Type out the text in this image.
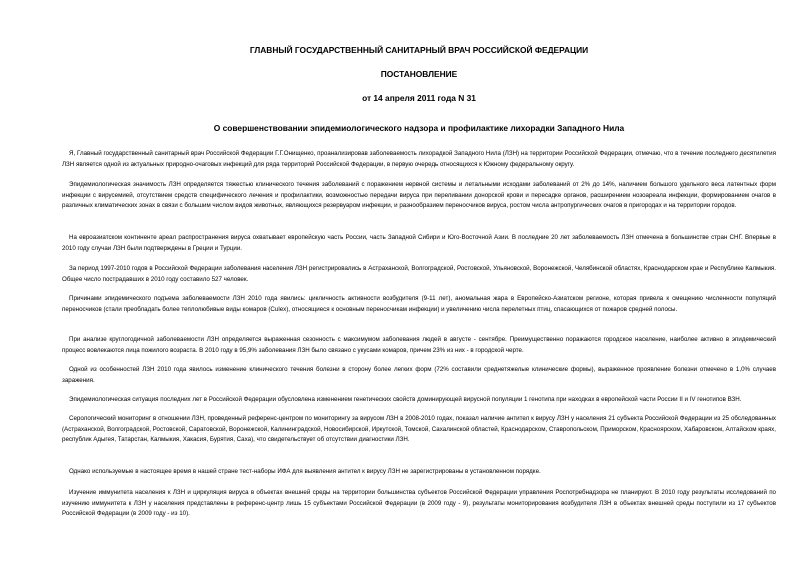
ГЛАВНЫЙ ГОСУДАРСТВЕННЫЙ САНИТАРНЫЙ ВРАЧ РОССИЙСКОЙ ФЕДЕРАЦИИ
ПОСТАНОВЛЕНИЕ
от 14 апреля 2011 года N 31
О совершенствовании эпидемиологического надзора и профилактике лихорадки Западного Нила

Я, Главный государственный санитарный врач Российской Федерации Г.Г.Онищенко, проанализировав заболеваемость лихорадкой Западного Нила (ЛЗН) на территории Российской Федерации, отмечаю, что в течение последнего десятилетия ЛЗН является одной из актуальных природно-очаговых инфекций для ряда территорий Российской Федерации, в первую очередь относящихся к Южному федеральному округу.

Эпидемиологическая значимость ЛЗН определяется тяжестью клинического течения заболеваний с поражением нервной системы и летальными исходами заболеваний от 2% до 14%, наличием большого удельного веса латентных форм инфекции с вирусемией, отсутствием средств специфического лечения и профилактики, возможностью передачи вируса при переливании донорской крови и пересадке органов, расширением нозоареала инфекции, формированием очагов в различных климатических зонах в связи с большим числом видов животных, являющихся резервуаром инфекции, и разнообразием переносчиков вируса, ростом числа антропургических очагов в пригородах и на территории городов.

На евроазиатском континенте ареал распространения вируса охватывает европейскую часть России, часть Западной Сибири и Юго-Восточной Азии. В последние 20 лет заболеваемость ЛЗН отмечена в большинстве стран СНГ. Впервые в 2010 году случаи ЛЗН были подтверждены в Греции и Турции.

За период 1997-2010 годов в Российской Федерации заболевания населения ЛЗН регистрировались в Астраханской, Волгоградской, Ростовской, Ульяновской, Воронежской, Челябинской областях, Краснодарском крае и Республике Калмыкия. Общее число пострадавших в 2010 году составило 527 человек.

Причинами эпидемического подъема заболеваемости ЛЗН 2010 года явились: цикличность активности возбудителя (9-11 лет), аномальная жара в Европейско-Азиатском регионе, которая привела к смещению численности популяций переносчиков (стали преобладать более теплолюбивые виды комаров (Culex), относящиеся к основным переносчикам инфекции) и увеличению числа перелетных птиц, спасающихся от пожаров средней полосы.

При анализе круглогодичной заболеваемости ЛЗН определяется выраженная сезонность с максимумом заболевания людей в августе - сентябре. Преимущественно поражаются городское население, наиболее активно в эпидемический процесс вовлекаются лица пожилого возраста. В 2010 году в 95,9% заболевания ЛЗН было связано с укусами комаров, причем 23% из них - в городской черте.

Одной из особенностей ЛЗН 2010 года явилось изменение клинического течения болезни в сторону более легких форм (72% составили среднетяжелые клинические формы), выраженное проявление болезни отмечено в 1,0% случаев заражения.

Эпидемиологическая ситуация последних лет в Российской Федерации обусловлена изменением генетических свойств доминирующей вирусной популяции 1 генотипа при находках в европейской части России II и IV генотипов ВЗН.

Серологический мониторинг в отношении ЛЗН, проведенный референс-центром по мониторингу за вирусом ЛЗН в 2008-2010 годах, показал наличие антител к вирусу ЛЗН у населения 21 субъекта Российской Федерации из 25 обследованных (Астраханской, Волгоградской, Ростовской, Саратовской, Воронежской, Калининградской, Новосибирской, Иркутской, Томской, Сахалинской областей, Краснодарском, Ставропольском, Приморском, Красноярском, Хабаровском, Алтайском краях, республик Адыгея, Татарстан, Калмыкия, Хакасия, Бурятия, Саха), что свидетельствует об отсутствии диагностики ЛЗН.

Однако используемые в настоящее время в нашей стране тест-наборы ИФА для выявления антител к вирусу ЛЗН не зарегистрированы в установленном порядке.

Изучение иммунитета населения к ЛЗН и циркуляция вируса в объектах внешней среды на территории большинства субъектов Российской Федерации управления Роспотребнадзора не планируют. В 2010 году результаты исследований по изучению иммунитета к ЛЗН у населения представлены в референс-центр лишь 15 субъектами Российской Федерации (в 2009 году - 9), результаты мониторирования возбудителя ЛЗН в объектах внешней среды поступили из 17 субъектов Российской Федерации (в 2009 году - из 10).
